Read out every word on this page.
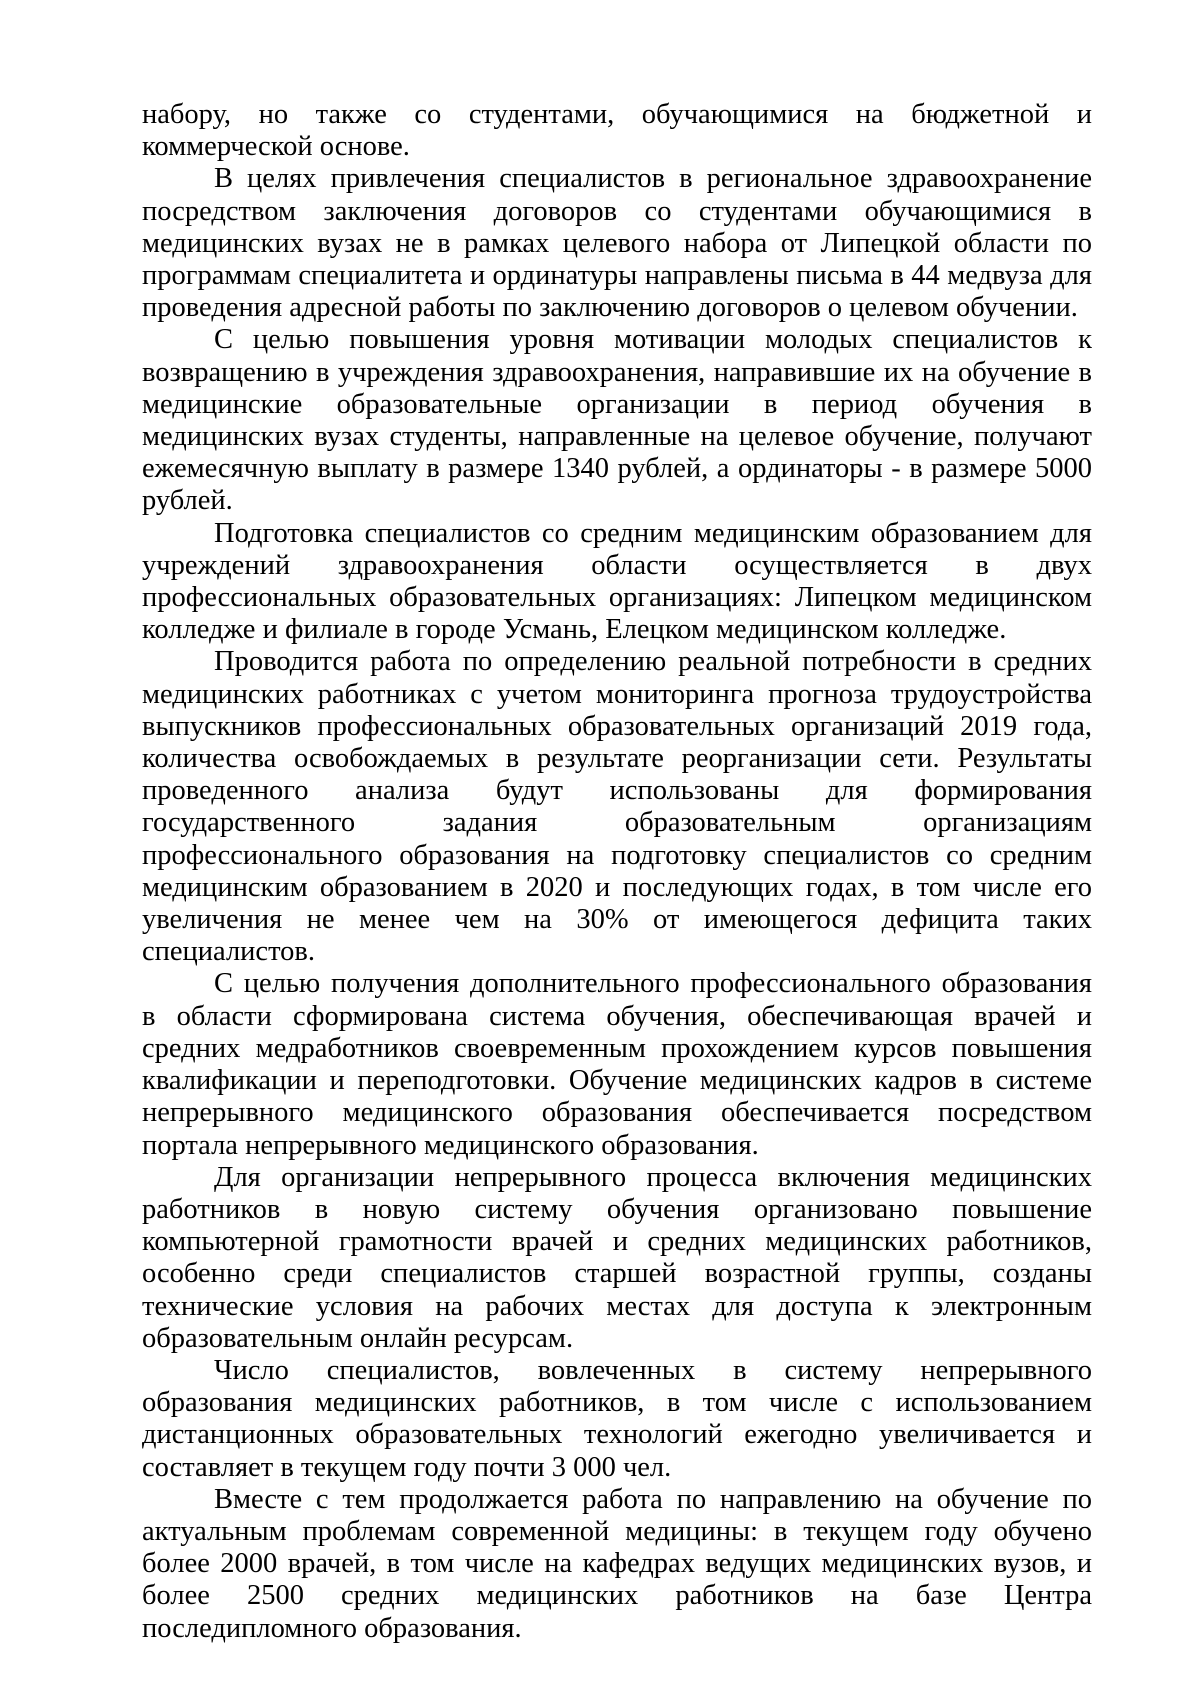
набору, но также со студентами, обучающимися на бюджетной и коммерческой основе.

В целях привлечения специалистов в региональное здравоохранение посредством заключения договоров со студентами обучающимися в медицинских вузах не в рамках целевого набора от Липецкой области по программам специалитета и ординатуры направлены письма в 44 медвуза для проведения адресной работы по заключению договоров о целевом обучении.

С целью повышения уровня мотивации молодых специалистов к возвращению в учреждения здравоохранения, направившие их на обучение в медицинские образовательные организации в период обучения в медицинских вузах студенты, направленные на целевое обучение, получают ежемесячную выплату в размере 1340 рублей, а ординаторы - в размере 5000 рублей.

Подготовка специалистов со средним медицинским образованием для учреждений здравоохранения области осуществляется в двух профессиональных образовательных организациях: Липецком медицинском колледже и филиале в городе Усмань, Елецком медицинском колледже.

Проводится работа по определению реальной потребности в средних медицинских работниках с учетом мониторинга прогноза трудоустройства выпускников профессиональных образовательных организаций 2019 года, количества освобождаемых в результате реорганизации сети. Результаты проведенного анализа будут использованы для формирования государственного задания образовательным организациям профессионального образования на подготовку специалистов со средним медицинским образованием в 2020 и последующих годах, в том числе его увеличения не менее чем на 30% от имеющегося дефицита таких специалистов.

С целью получения дополнительного профессионального образования в области сформирована система обучения, обеспечивающая врачей и средних медработников своевременным прохождением курсов повышения квалификации и переподготовки. Обучение медицинских кадров в системе непрерывного медицинского образования обеспечивается посредством портала непрерывного медицинского образования.

Для организации непрерывного процесса включения медицинских работников в новую систему обучения организовано повышение компьютерной грамотности врачей и средних медицинских работников, особенно среди специалистов старшей возрастной группы, созданы технические условия на рабочих местах для доступа к электронным образовательным онлайн ресурсам.

Число специалистов, вовлеченных в систему непрерывного образования медицинских работников, в том числе с использованием дистанционных образовательных технологий ежегодно увеличивается и составляет в текущем году почти 3 000 чел.

Вместе с тем продолжается работа по направлению на обучение по актуальным проблемам современной медицины: в текущем году обучено более 2000 врачей, в том числе на кафедрах ведущих медицинских вузов, и более 2500 средних медицинских работников на базе Центра последипломного образования.
